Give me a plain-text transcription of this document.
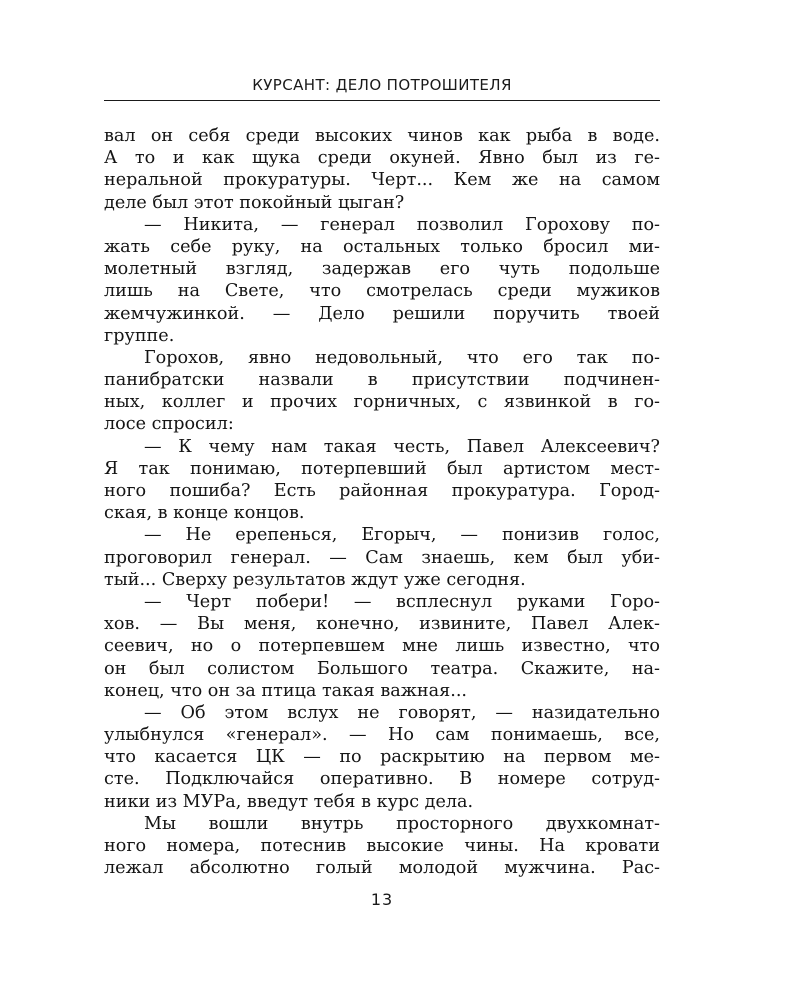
КУРСАНТ: ДЕЛО ПОТРОШИТЕЛЯ
вал он себя среди высоких чинов как рыба в воде.
А то и как щука среди окуней. Явно был из ге-
неральной прокуратуры. Черт... Кем же на самом
деле был этот покойный цыган?
— Никита, — генерал позволил Горохову по-
жать себе руку, на остальных только бросил ми-
молетный взгляд, задержав его чуть подольше
лишь на Свете, что смотрелась среди мужиков
жемчужинкой. — Дело решили поручить твоей
группе.
Горохов, явно недовольный, что его так по-
панибратски назвали в присутствии подчинен-
ных, коллег и прочих горничных, с язвинкой в го-
лосе спросил:
— К чему нам такая честь, Павел Алексеевич?
Я так понимаю, потерпевший был артистом мест-
ного пошиба? Есть районная прокуратура. Город-
ская, в конце концов.
— Не ерепенься, Егорыч, — понизив голос,
проговорил генерал. — Сам знаешь, кем был уби-
тый... Сверху результатов ждут уже сегодня.
— Черт побери! — всплеснул руками Горо-
хов. — Вы меня, конечно, извините, Павел Алек-
сеевич, но о потерпевшем мне лишь известно, что
он был солистом Большого театра. Скажите, на-
конец, что он за птица такая важная...
— Об этом вслух не говорят, — назидательно
улыбнулся «генерал». — Но сам понимаешь, все,
что касается ЦК — по раскрытию на первом ме-
сте. Подключайся оперативно. В номере сотруд-
ники из МУРа, введут тебя в курс дела.
Мы вошли внутрь просторного двухкомнат-
ного номера, потеснив высокие чины. На кровати
лежал абсолютно голый молодой мужчина. Рас-
13
